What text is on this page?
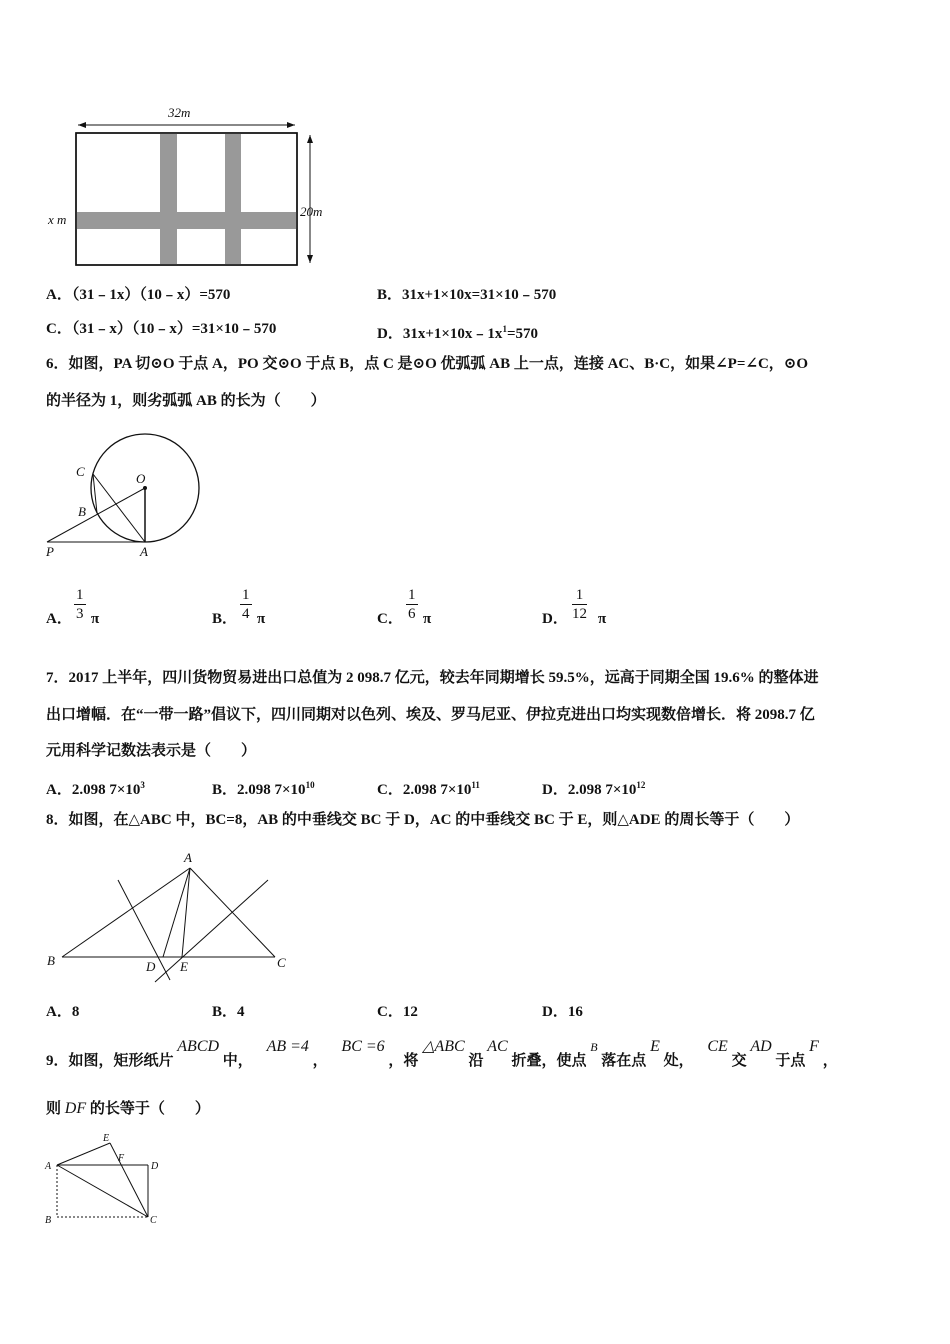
32m
20m
x m
A．（31﹣1x）（10﹣x）=570	B．31x+1×10x=31×10﹣570
C．（31﹣x）（10﹣x）=31×10﹣570	D．$31x+1\times 10x﹣1x^1=570$
6．如图，PA 切⊙O 于点 A，PO 交⊙O 于点 B，点 C 是⊙O 优弧弧 AB 上一点，连接 AC、B·C，如果∠P=∠C，⊙O
的半径为 1，则劣弧弧 AB 的长为（　　）
C	O
B
P	A
A． $\frac{1}{3}$ π	B． $\frac{1}{4}$ π	C． $\frac{1}{6}$ π	D． $\frac{1}{12}$ π
7．2017 上半年，四川货物贸易进出口总值为 2 098.7 亿元，较去年同期增长 59.5%，远高于同期全国 19.6% 的整体进
出口增幅．在“一带一路”倡议下，四川同期对以色列、埃及、罗马尼亚、伊拉克进出口均实现数倍增长．将 2098.7 亿
元用科学记数法表示是（　　）
A．2.098 $7\times 10^3$	B．2.098 $7\times 10^{10}$	C．2.098 $7\times 10^{11}$	D．2.098 $7\times 10^{12}$
8．如图，在△ABC 中，BC=8，AB 的中垂线交 BC 于 D，AC 的中垂线交 BC 于 E，则△ADE 的周长等于（　　）
A
B	D E	C
A．8	B．4	C．12	D．16
9．如图，矩形纸片 ABCD 中， AB =4 ， BC =6 ，将 △ABC 沿 AC 折叠，使点 $^B$ 落在点 E 处， CE 交 AD 于点 F ，
则 DF 的长等于（　　）
E
A
F
D
B	C
